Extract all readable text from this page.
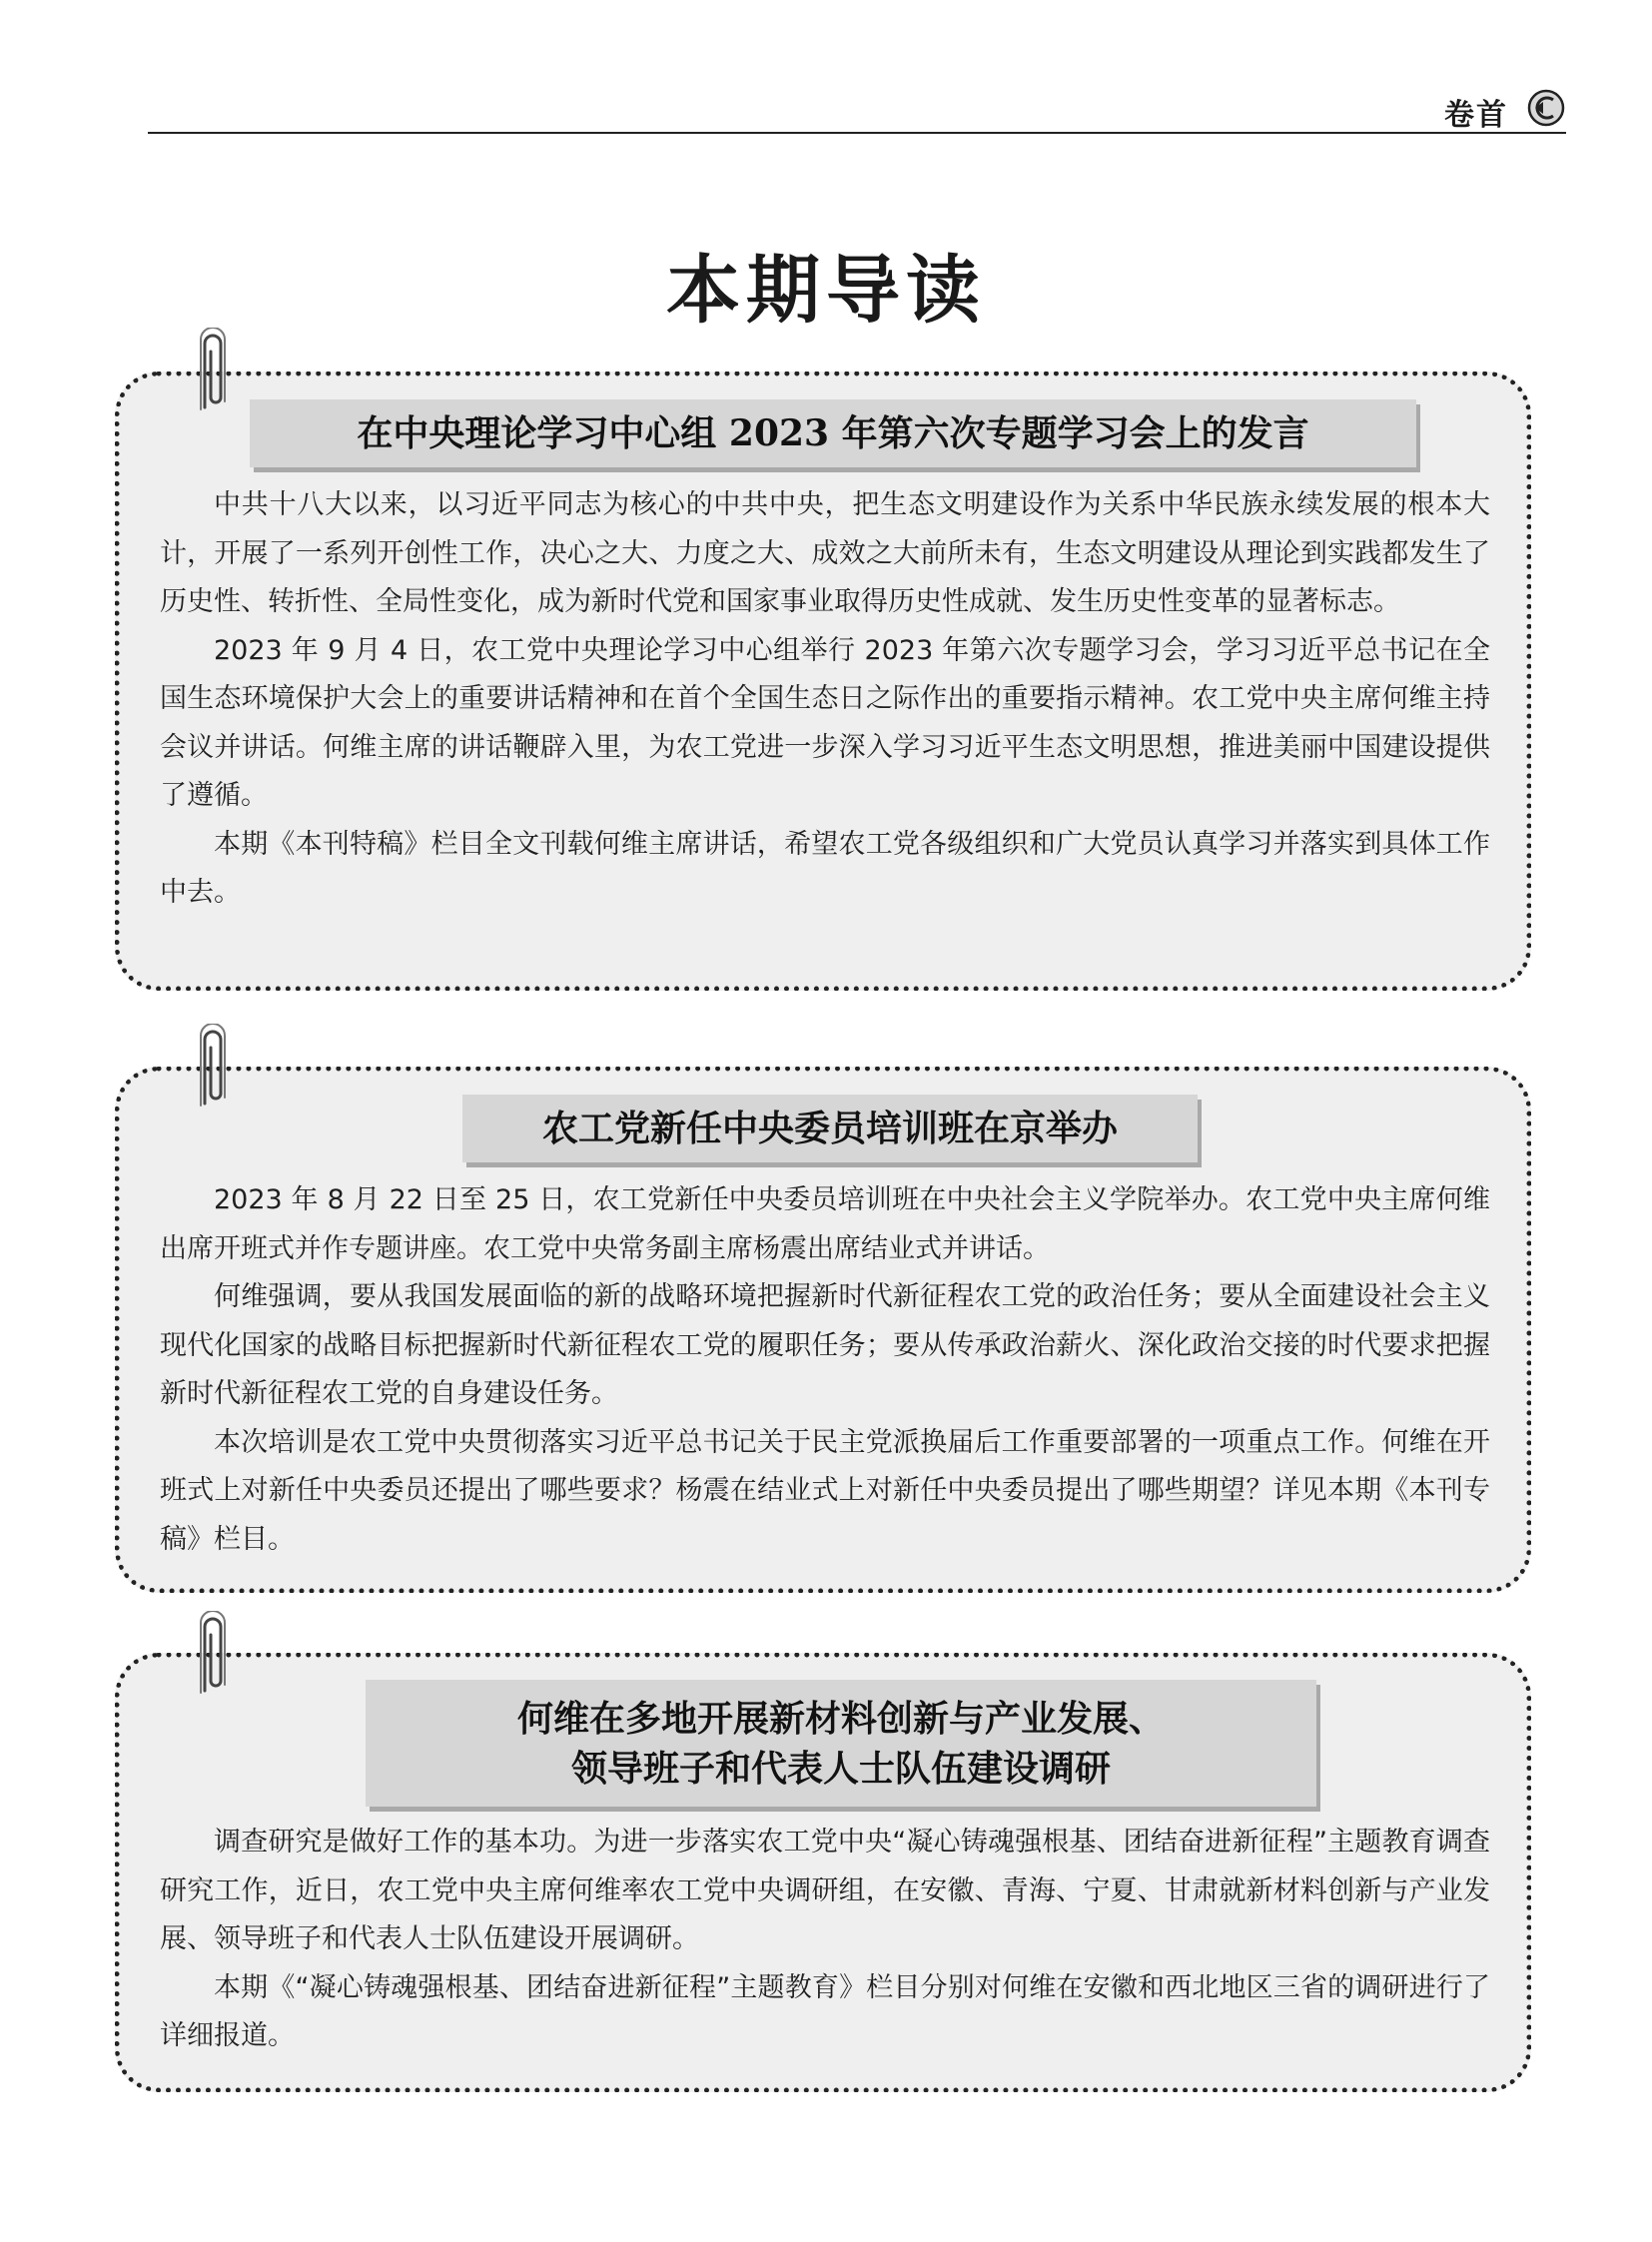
卷首
本期导读
在中央理论学习中心组 2023 年第六次专题学习会上的发言

中共十八大以来，以习近平同志为核心的中共中央，把生态文明建设作为关系中华民族永续发展的根本大计，开展了一系列开创性工作，决心之大、力度之大、成效之大前所未有，生态文明建设从理论到实践都发生了历史性、转折性、全局性变化，成为新时代党和国家事业取得历史性成就、发生历史性变革的显著标志。

2023 年 9 月 4 日，农工党中央理论学习中心组举行 2023 年第六次专题学习会，学习习近平总书记在全国生态环境保护大会上的重要讲话精神和在首个全国生态日之际作出的重要指示精神。农工党中央主席何维主持会议并讲话。何维主席的讲话鞭辟入里，为农工党进一步深入学习习近平生态文明思想，推进美丽中国建设提供了遵循。

本期《本刊特稿》栏目全文刊载何维主席讲话，希望农工党各级组织和广大党员认真学习并落实到具体工作中去。

农工党新任中央委员培训班在京举办

2023 年 8 月 22 日至 25 日，农工党新任中央委员培训班在中央社会主义学院举办。农工党中央主席何维出席开班式并作专题讲座。农工党中央常务副主席杨震出席结业式并讲话。

何维强调，要从我国发展面临的新的战略环境把握新时代新征程农工党的政治任务；要从全面建设社会主义现代化国家的战略目标把握新时代新征程农工党的履职任务；要从传承政治薪火、深化政治交接的时代要求把握新时代新征程农工党的自身建设任务。

本次培训是农工党中央贯彻落实习近平总书记关于民主党派换届后工作重要部署的一项重点工作。何维在开班式上对新任中央委员还提出了哪些要求？杨震在结业式上对新任中央委员提出了哪些期望？详见本期《本刊专稿》栏目。

何维在多地开展新材料创新与产业发展、
领导班子和代表人士队伍建设调研

调查研究是做好工作的基本功。为进一步落实农工党中央“凝心铸魂强根基、团结奋进新征程”主题教育调查研究工作，近日，农工党中央主席何维率农工党中央调研组，在安徽、青海、宁夏、甘肃就新材料创新与产业发展、领导班子和代表人士队伍建设开展调研。

本期《“凝心铸魂强根基、团结奋进新征程”主题教育》栏目分别对何维在安徽和西北地区三省的调研进行了详细报道。
